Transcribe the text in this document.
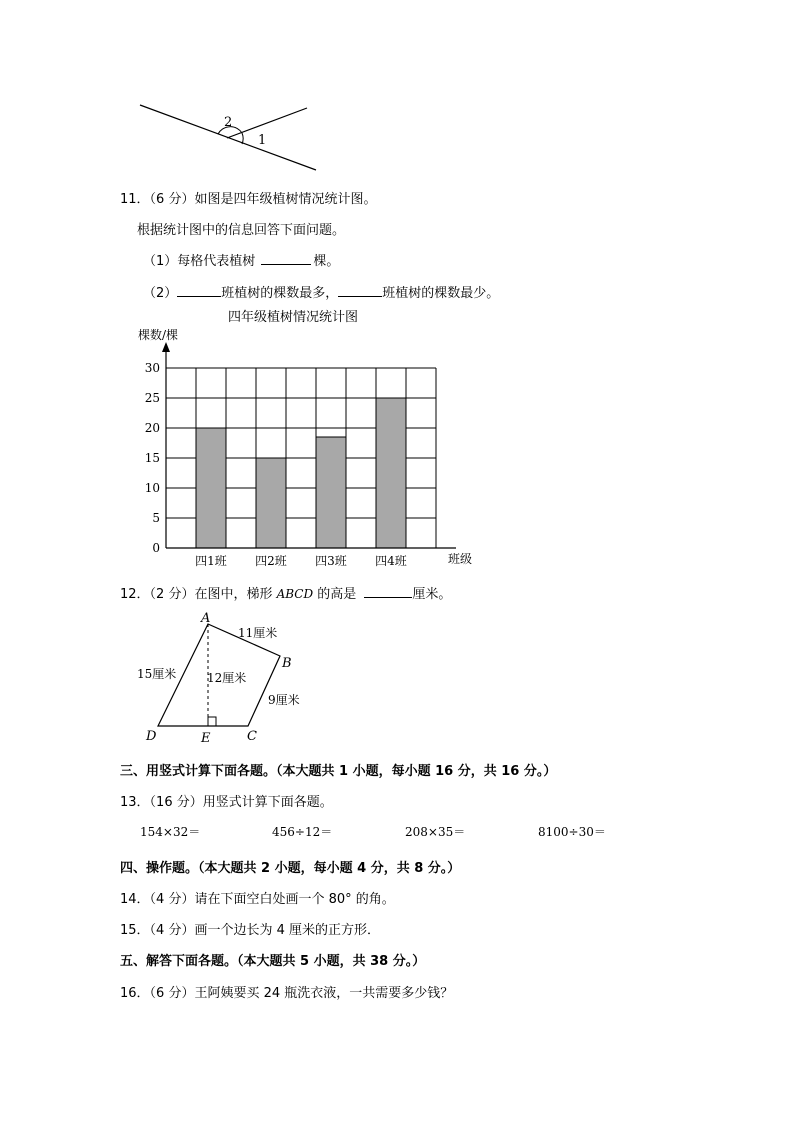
2
1
11．（6 分）如图是四年级植树情况统计图。
根据统计图中的信息回答下面问题。
（1）每格代表植树	棵。
（2）	班植树的棵数最多，	班植树的棵数最少。
四年级植树情况统计图
棵数/棵
班级
0
5
10
15
20
25
30
四1班 四2班 四3班 四4班
12．（2 分）在图中，梯形 ABCD 的高是	厘米。
A
B
C
D	E
11厘米
15厘米	12厘米
9厘米
三、用竖式计算下面各题。（本大题共 1 小题，每小题 16 分，共 16 分。）
13．（16 分）用竖式计算下面各题。
154×32＝	456÷12＝	208×35＝	8100÷30＝
四、操作题。（本大题共 2 小题，每小题 4 分，共 8 分。）
14．（4 分）请在下面空白处画一个 80° 的角。
15．（4 分）画一个边长为 4 厘米的正方形．
五、解答下面各题。（本大题共 5 小题，共 38 分。）
16．（6 分）王阿姨要买 24 瓶洗衣液，一共需要多少钱？
